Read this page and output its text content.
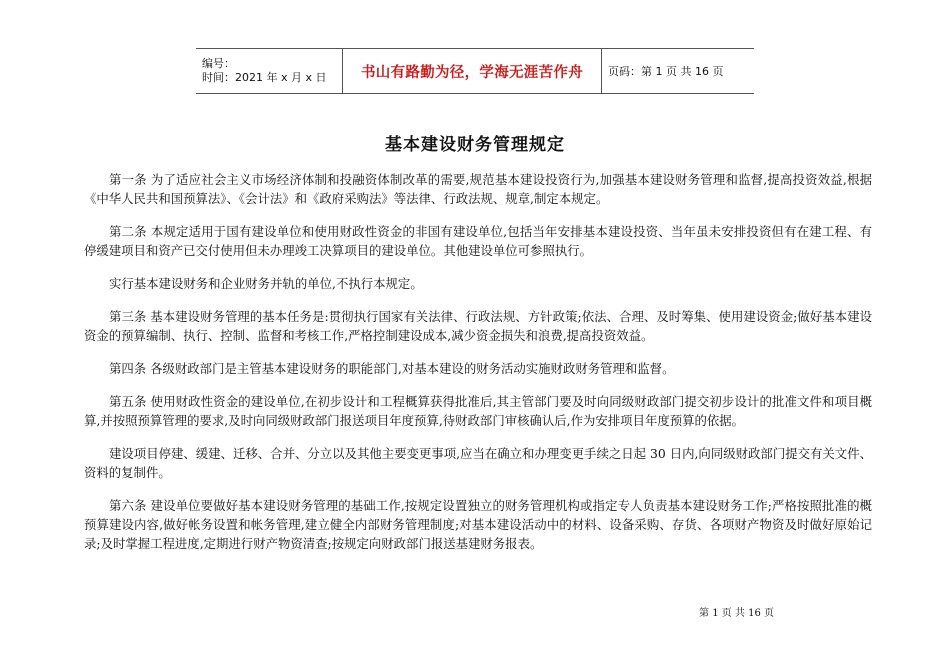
编号：
时间：2021 年 x 月 x 日	书山有路勤为径，学海无涯苦作舟	页码：第 1 页 共 16 页
基本建设财务管理规定

第一条 为了适应社会主义市场经济体制和投融资体制改革的需要,规范基本建设投资行为,加强基本建设财务管理和监督,提高投资效益,根据《中华人民共和国预算法》、《会计法》和《政府采购法》等法律、行政法规、规章,制定本规定。

第二条 本规定适用于国有建设单位和使用财政性资金的非国有建设单位,包括当年安排基本建设投资、当年虽未安排投资但有在建工程、有停缓建项目和资产已交付使用但未办理竣工决算项目的建设单位。其他建设单位可参照执行。

实行基本建设财务和企业财务并轨的单位,不执行本规定。

第三条 基本建设财务管理的基本任务是:贯彻执行国家有关法律、行政法规、方针政策;依法、合理、及时筹集、使用建设资金;做好基本建设资金的预算编制、执行、控制、监督和考核工作,严格控制建设成本,减少资金损失和浪费,提高投资效益。

第四条 各级财政部门是主管基本建设财务的职能部门,对基本建设的财务活动实施财政财务管理和监督。

第五条 使用财政性资金的建设单位,在初步设计和工程概算获得批准后,其主管部门要及时向同级财政部门提交初步设计的批准文件和项目概算,并按照预算管理的要求,及时向同级财政部门报送项目年度预算,待财政部门审核确认后,作为安排项目年度预算的依据。

建设项目停建、缓建、迁移、合并、分立以及其他主要变更事项,应当在确立和办理变更手续之日起 30 日内,向同级财政部门提交有关文件、资料的复制件。

第六条 建设单位要做好基本建设财务管理的基础工作,按规定设置独立的财务管理机构或指定专人负责基本建设财务工作;严格按照批准的概预算建设内容,做好帐务设置和帐务管理,建立健全内部财务管理制度;对基本建设活动中的材料、设备采购、存货、各项财产物资及时做好原始记录;及时掌握工程进度,定期进行财产物资清查;按规定向财政部门报送基建财务报表。

第 1 页 共 16 页
